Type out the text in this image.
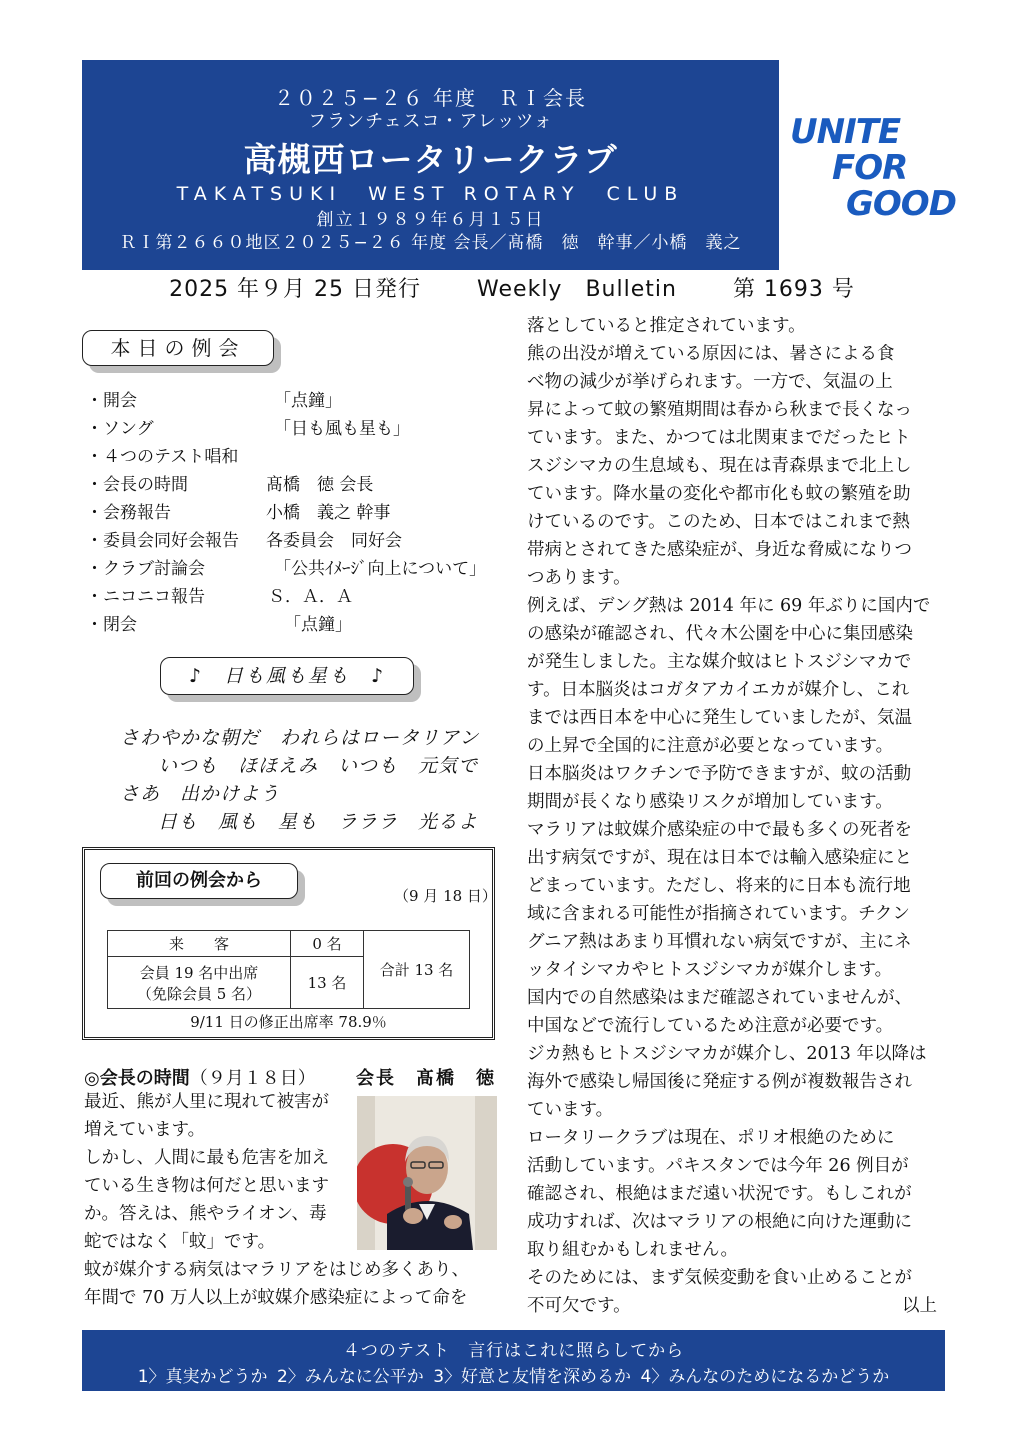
２０２５−２６ 年度　ＲＩ会長
フランチェスコ・アレッツォ
高槻西ロータリークラブ
TAKATSUKI　WEST ROTARY　CLUB
創立１９８９年６月１５日
ＲＩ第２６６０地区２０２５−２６ 年度 会長／髙橋　徳　幹事／小橋　義之
UNITE
FOR
GOOD
2025 年９月 25 日発行	Weekly　Bulletin	第 1693 号
本日の例会
・開会	「点鐘」
・ソング	「日も風も星も」
・４つのテスト唱和
・会長の時間	髙橋　徳 会長
・会務報告	小橋　義之 幹事
・委員会同好会報告 各委員会　同好会
・クラブ討論会	「公共ｲﾒｰｼﾞ向上について」
・ニコニコ報告	Ｓ．Ａ．Ａ
・閉会	「点鐘」
♪　日も風も星も　♪
さわやかな朝だ　われらはロータリアン
いつも　ほほえみ　いつも　元気で
さあ　出かけよう
日も　風も　星も　ラララ　光るよ
前回の例会から
（9 月 18 日）
来　　客	0 名	合計 13 名

会員 19 名中出席
（免除会員 5 名）	13 名	
9/11 日の修正出席率 78.9％
◎会長の時間（９月１８日） 会長　髙橋　徳
最近、熊が人里に現れて被害が
増えています。
しかし、人間に最も危害を加え
ている生き物は何だと思います
か。答えは、熊やライオン、毒
蛇ではなく「蚊」です。
蚊が媒介する病気はマラリアをはじめ多くあり、
年間で 70 万人以上が蚊媒介感染症によって命を
落としていると推定されています。
熊の出没が増えている原因には、暑さによる食
べ物の減少が挙げられます。一方で、気温の上
昇によって蚊の繁殖期間は春から秋まで長くなっ
ています。また、かつては北関東までだったヒト
スジシマカの生息域も、現在は青森県まで北上し
ています。降水量の変化や都市化も蚊の繁殖を助
けているのです。このため、日本ではこれまで熱
帯病とされてきた感染症が、身近な脅威になりつ
つあります。
例えば、デング熱は 2014 年に 69 年ぶりに国内で
の感染が確認され、代々木公園を中心に集団感染
が発生しました。主な媒介蚊はヒトスジシマカで
す。日本脳炎はコガタアカイエカが媒介し、これ
までは西日本を中心に発生していましたが、気温
の上昇で全国的に注意が必要となっています。
日本脳炎はワクチンで予防できますが、蚊の活動
期間が長くなり感染リスクが増加しています。
マラリアは蚊媒介感染症の中で最も多くの死者を
出す病気ですが、現在は日本では輸入感染症にと
どまっています。ただし、将来的に日本も流行地
域に含まれる可能性が指摘されています。チクン
グニア熱はあまり耳慣れない病気ですが、主にネ
ッタイシマカやヒトスジシマカが媒介します。
国内での自然感染はまだ確認されていませんが、
中国などで流行しているため注意が必要です。
ジカ熱もヒトスジシマカが媒介し、2013 年以降は
海外で感染し帰国後に発症する例が複数報告され
ています。
ロータリークラブは現在、ポリオ根絶のために
活動しています。パキスタンでは今年 26 例目が
確認され、根絶はまだ遠い状況です。もしこれが
成功すれば、次はマラリアの根絶に向けた運動に
取り組むかもしれません。
そのためには、まず気候変動を食い止めることが
不可欠です。	以上
４つのテスト　言行はこれに照らしてから
1〉真実かどうか 2〉みんなに公平か 3〉好意と友情を深めるか 4〉みんなのためになるかどうか
